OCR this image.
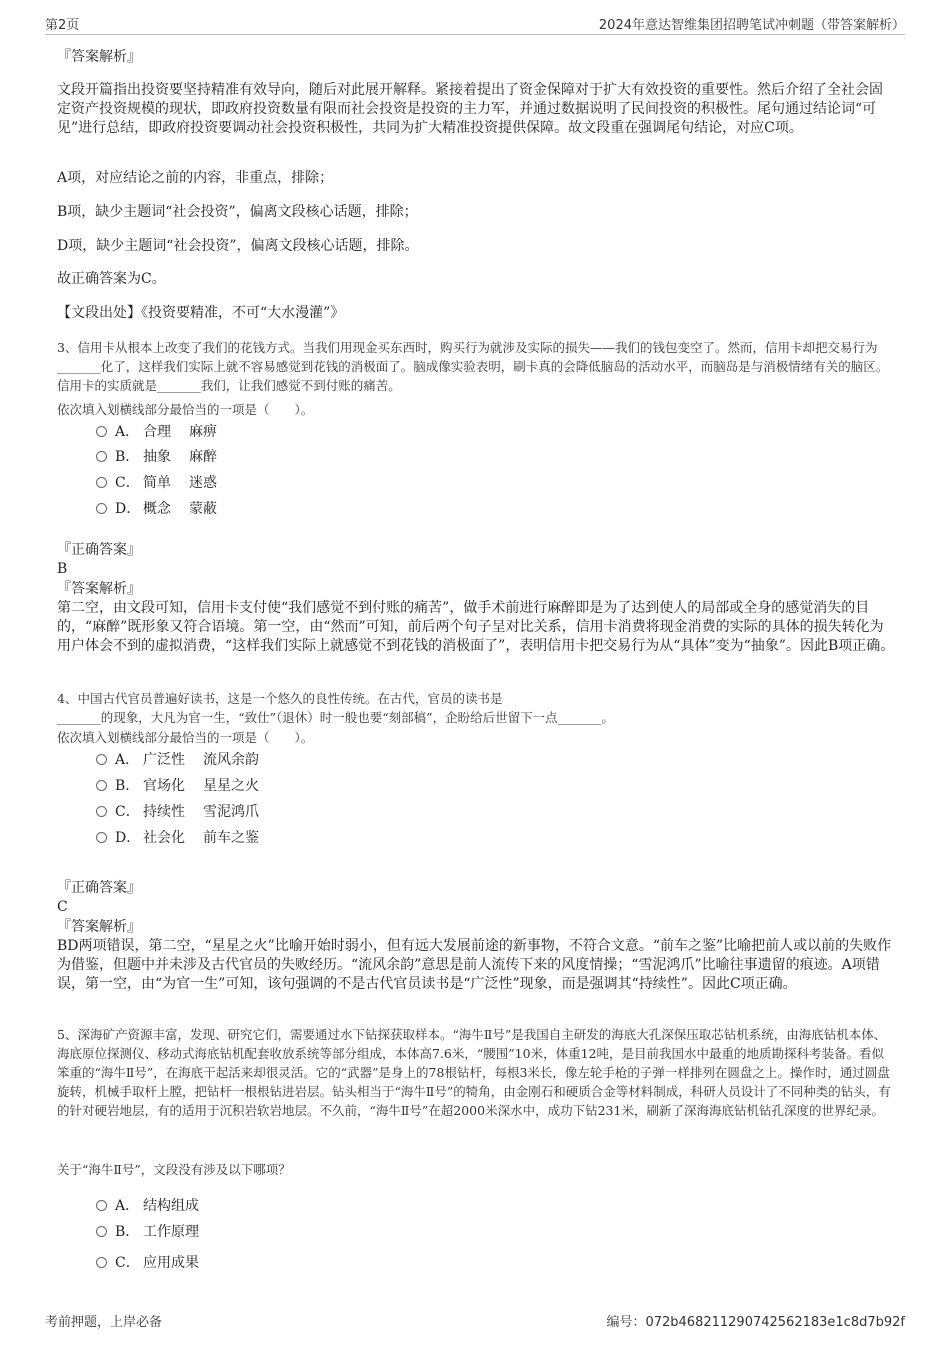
第2页	2024年意达智维集团招聘笔试冲刺题（带答案解析）
『答案解析』
文段开篇指出投资要坚持精准有效导向，随后对此展开解释。紧接着提出了资金保障对于扩大有效投资的重要性。然后介绍了全社会固定资产投资规模的现状，即政府投资数量有限而社会投资是投资的主力军，并通过数据说明了民间投资的积极性。尾句通过结论词“可见”进行总结，即政府投资要调动社会投资积极性，共同为扩大精准投资提供保障。故文段重在强调尾句结论，对应C项。
A项，对应结论之前的内容，非重点，排除；
B项，缺少主题词“社会投资”，偏离文段核心话题，排除；
D项，缺少主题词“社会投资”，偏离文段核心话题，排除。
故正确答案为C。
【文段出处】《投资要精准，不可“大水漫灌”》
3、信用卡从根本上改变了我们的花钱方式。当我们用现金买东西时，购买行为就涉及实际的损失——我们的钱包变空了。然而，信用卡却把交易行为_______化了，这样我们实际上就不容易感觉到花钱的消极面了。脑成像实验表明，刷卡真的会降低脑岛的活动水平，而脑岛是与消极情绪有关的脑区。信用卡的实质就是_______我们，让我们感觉不到付账的痛苦。
依次填入划横线部分最恰当的一项是（　　）。
A． 合理 麻痹
B． 抽象 麻醉
C． 简单 迷惑
D． 概念 蒙蔽
『正确答案』
B
『答案解析』
第二空，由文段可知，信用卡支付使“我们感觉不到付账的痛苦”，做手术前进行麻醉即是为了达到使人的局部或全身的感觉消失的目的，“麻醉”既形象又符合语境。第一空，由“然而”可知，前后两个句子呈对比关系，信用卡消费将现金消费的实际的具体的损失转化为用户体会不到的虚拟消费，“这样我们实际上就感觉不到花钱的消极面了”，表明信用卡把交易行为从“具体”变为“抽象”。因此B项正确。
4、中国古代官员普遍好读书，这是一个悠久的良性传统。在古代，官员的读书是
_______的现象，大凡为官一生，“致仕”（退休）时一般也要“刻部稿”，企盼给后世留下一点_______。
依次填入划横线部分最恰当的一项是（　　）。
A． 广泛性 流风余韵
B． 官场化 星星之火
C． 持续性 雪泥鸿爪
D． 社会化 前车之鉴
『正确答案』
C
『答案解析』
BD两项错误，第二空，“星星之火”比喻开始时弱小，但有远大发展前途的新事物，不符合文意。“前车之鉴”比喻把前人或以前的失败作为借鉴，但题中并未涉及古代官员的失败经历。“流风余韵”意思是前人流传下来的风度情操；“雪泥鸿爪”比喻往事遗留的痕迹。A项错误，第一空，由“为官一生”可知，该句强调的不是古代官员读书是“广泛性”现象，而是强调其“持续性”。因此C项正确。
5、深海矿产资源丰富，发现、研究它们，需要通过水下钻探获取样本。“海牛Ⅱ号”是我国自主研发的海底大孔深保压取芯钻机系统，由海底钻机本体、海底原位探测仪、移动式海底钻机配套收放系统等部分组成，本体高7.6米，“腰围”10米，体重12吨，是目前我国水中最重的地质勘探科考装备。看似笨重的“海牛Ⅱ号”，在海底干起活来却很灵活。它的“武器”是身上的78根钻杆，每根3米长，像左轮手枪的子弹一样排列在圆盘之上。操作时，通过圆盘旋转，机械手取杆上膛，把钻杆一根根钻进岩层。钻头相当于“海牛Ⅱ号”的犄角，由金刚石和硬质合金等材料制成，科研人员设计了不同种类的钻头，有的针对硬岩地层，有的适用于沉积岩软岩地层。不久前，“海牛Ⅱ号”在超2000米深水中，成功下钻231米，刷新了深海海底钻机钻孔深度的世界纪录。
关于“海牛Ⅱ号”，文段没有涉及以下哪项？
A． 结构组成
B． 工作原理
C． 应用成果
考前押题，上岸必备	编号：072b46821129074256​2183e1c8d7b92f
